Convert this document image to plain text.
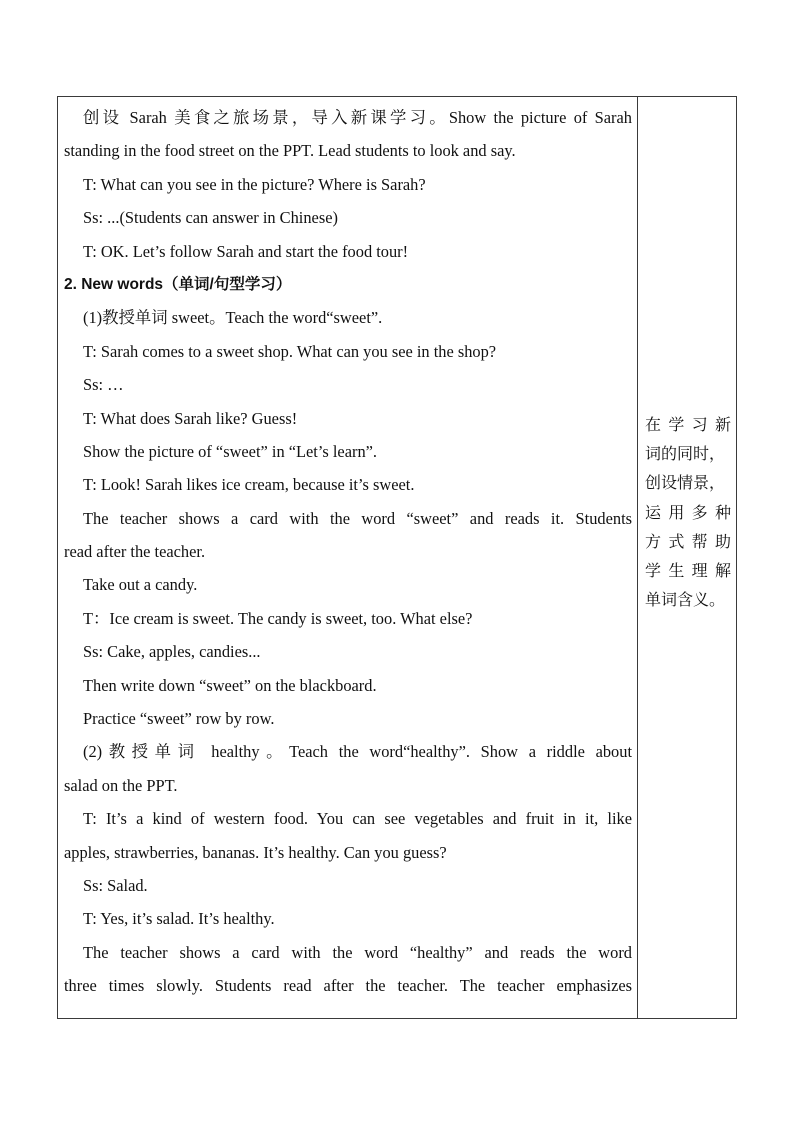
创设 Sarah 美食之旅场景，导入新课学习。Show the picture of Sarah
standing in the food street on the PPT. Lead students to look and say.
T: What can you see in the picture? Where is Sarah?
Ss: ...(Students can answer in Chinese)
T: OK. Let’s follow Sarah and start the food tour!
2. New words（单词/句型学习）
(1)教授单词 sweet。Teach the word“sweet”.
T: Sarah comes to a sweet shop. What can you see in the shop?
Ss: …
T: What does Sarah like? Guess!
Show the picture of “sweet” in “Let’s learn”.
T: Look! Sarah likes ice cream, because it’s sweet.
The teacher shows a card with the word “sweet” and reads it. Students
read after the teacher.
Take out a candy.
T：Ice cream is sweet. The candy is sweet, too. What else?
Ss: Cake, apples, candies...
Then write down “sweet” on the blackboard.
Practice “sweet” row by row.
(2)教授单词 healthy。Teach the word“healthy”. Show a riddle about
salad on the PPT.
T: It’s a kind of western food. You can see vegetables and fruit in it, like
apples, strawberries, bananas. It’s healthy. Can you guess?
Ss: Salad.
T: Yes, it’s salad. It’s healthy.
The teacher shows a card with the word “healthy” and reads the word
three times slowly. Students read after the teacher. The teacher emphasizes
在学习新
词的同时，
创设情景，
运用多种
方式帮助
学生理解
单词含义。
